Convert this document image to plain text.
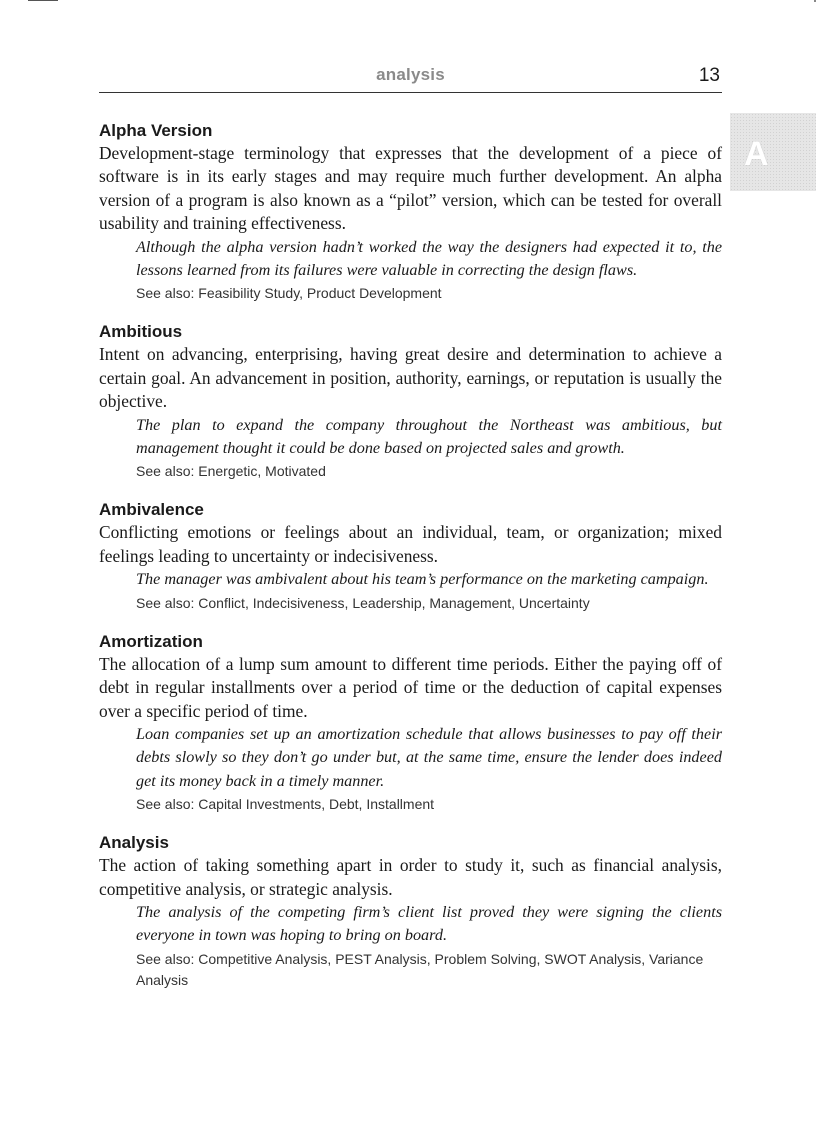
analysis	13
A
Alpha Version
Development-stage terminology that expresses that the development of a piece of software is in its early stages and may require much further development. An alpha version of a program is also known as a “pilot” version, which can be tested for overall usability and training effectiveness.
Although the alpha version hadn’t worked the way the designers had expected it to, the lessons learned from its failures were valuable in correcting the design flaws.
See also: Feasibility Study, Product Development
Ambitious
Intent on advancing, enterprising, having great desire and determination to achieve a certain goal. An advancement in position, authority, earnings, or reputation is usually the objective.
The plan to expand the company throughout the Northeast was ambitious, but management thought it could be done based on projected sales and growth.
See also: Energetic, Motivated
Ambivalence
Conflicting emotions or feelings about an individual, team, or organization; mixed feelings leading to uncertainty or indecisiveness.
The manager was ambivalent about his team’s performance on the marketing campaign.
See also: Conflict, Indecisiveness, Leadership, Management, Uncertainty
Amortization
The allocation of a lump sum amount to different time periods. Either the paying off of debt in regular installments over a period of time or the deduction of capital expenses over a specific period of time.
Loan companies set up an amortization schedule that allows businesses to pay off their debts slowly so they don’t go under but, at the same time, ensure the lender does indeed get its money back in a timely manner.
See also: Capital Investments, Debt, Installment
Analysis
The action of taking something apart in order to study it, such as financial analysis, competitive analysis, or strategic analysis.
The analysis of the competing firm’s client list proved they were signing the clients everyone in town was hoping to bring on board.
See also: Competitive Analysis, PEST Analysis, Problem Solving, SWOT Analysis, Variance Analysis
